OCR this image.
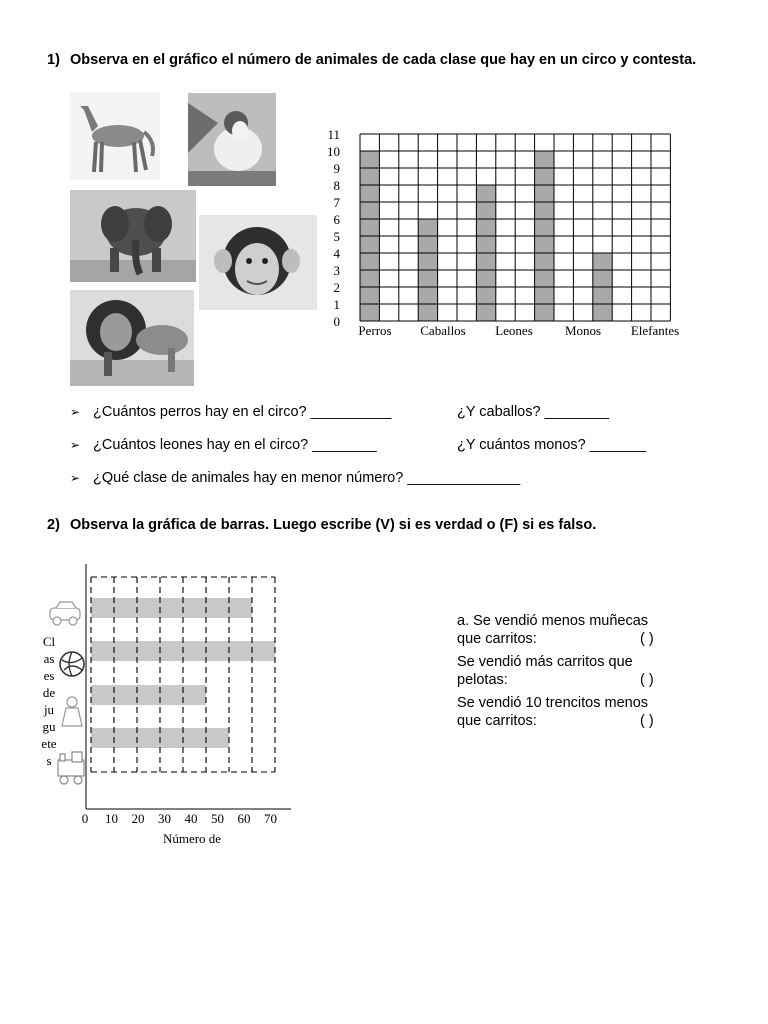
1) Observa en el gráfico el número de animales de cada clase que hay en un circo y contesta.
0
1
2
3
4
5
6
7
8
9
10
11
Perros Caballos Leones Monos Elefantes
➢ ¿Cuántos perros hay en el circo? __________	¿Y caballos? ________
➢ ¿Cuántos leones hay en el circo? ________	¿Y cuántos monos? _______
➢ ¿Qué clase de animales hay en menor número? ______________
2) Observa la gráfica de barras. Luego escribe (V) si es verdad o (F) si es falso.
0 10 20 30 40 50 60 70
Número de
Cl
as
es
de
ju
gu
ete
s
a. Se vendió menos muñecas
que carritos:	( )
Se vendió más carritos que
pelotas:	( )
Se vendió 10 trencitos menos
que carritos:	( )
